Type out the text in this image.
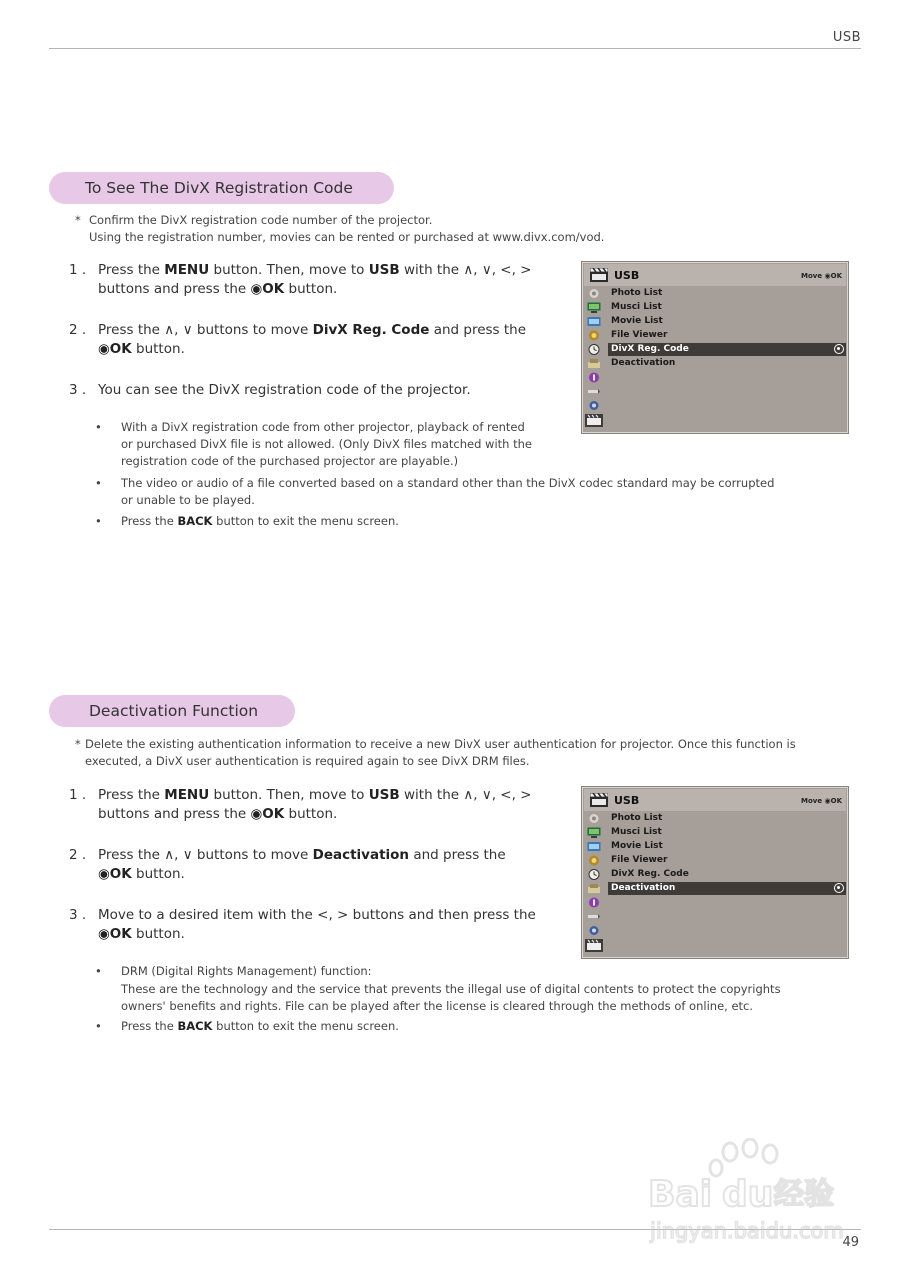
USB
To See The DivX Registration Code
* Confirm the DivX registration code number of the projector.
Using the registration number, movies can be rented or purchased at www.divx.com/vod.
1 . Press the MENU button. Then, move to USB with the ∧, ∨, <, >
buttons and press the ◉OK button.
2 . Press the ∧, ∨ buttons to move DivX Reg. Code and press the
◉OK button.
3 . You can see the DivX registration code of the projector.
• With a DivX registration code from other projector, playback of rented
or purchased DivX file is not allowed. (Only DivX files matched with the
registration code of the purchased projector are playable.)
• The video or audio of a file converted based on a standard other than the DivX codec standard may be corrupted
or unable to be played.
•	Press the BACK button to exit the menu screen.
USB	Move ◉OK
Photo List
Musci List
Movie List
File Viewer
DivX Reg. Code
Deactivation
Deactivation Function
* Delete the existing authentication information to receive a new DivX user authentication for projector. Once this function is
executed, a DivX user authentication is required again to see DivX DRM files.
1 . Press the MENU button. Then, move to USB with the ∧, ∨, <, >
buttons and press the ◉OK button.
2 . Press the ∧, ∨ buttons to move Deactivation and press the
◉OK button.
3 . Move to a desired item with the <, > buttons and then press the
◉OK button.
• DRM (Digital Rights Management) function:
These are the technology and the service that prevents the illegal use of digital contents to protect the copyrights
owners' benefits and rights. File can be played after the license is cleared through the methods of online, etc.
•	Press the BACK button to exit the menu screen.
USB	Move ◉OK
Photo List
Musci List
Movie List
File Viewer
DivX Reg. Code
Deactivation
49
Bai du 经验
jingyan.baidu.com
